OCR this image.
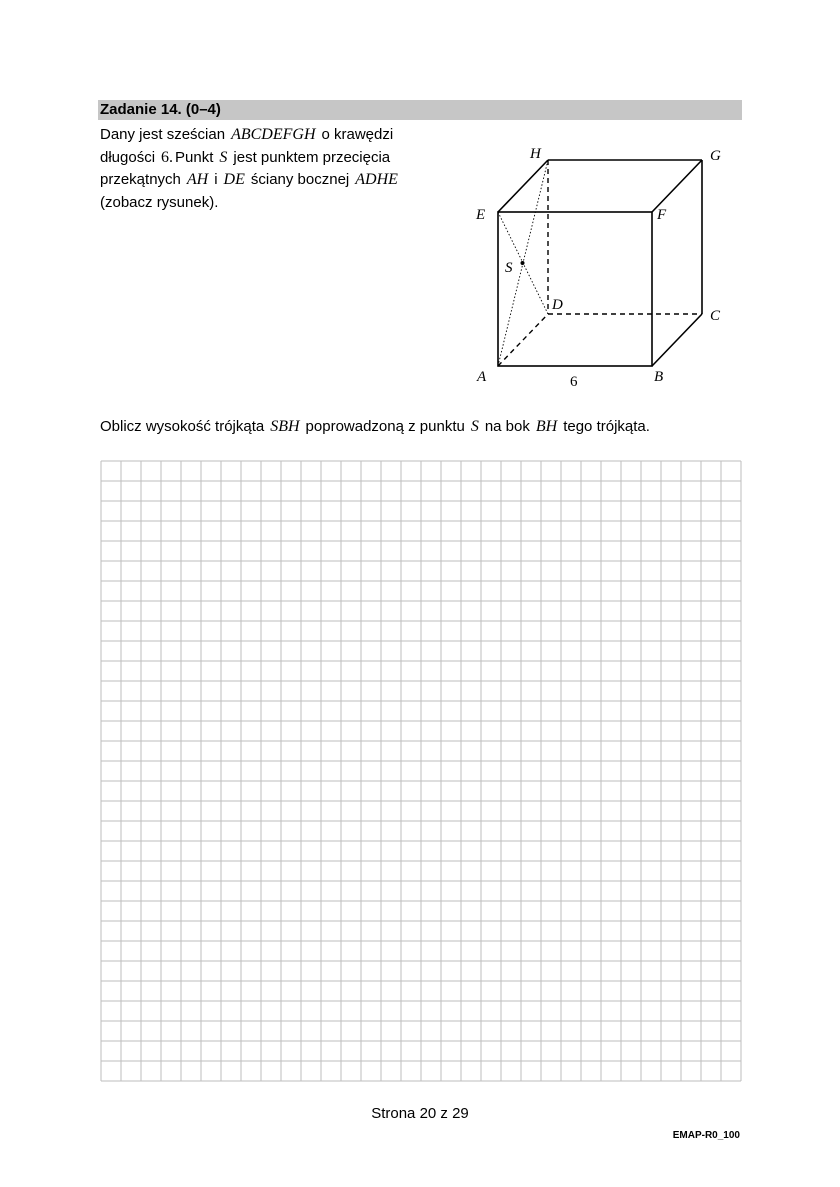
Zadanie 14. (0–4)
Dany jest sześcian ABCDEFGH o krawędzi
długości 6. Punkt S jest punktem przecięcia
przekątnych AH i DE ściany bocznej ADHE
(zobacz rysunek).
A	B
C
D
E	F
G
H
S
6
Oblicz wysokość trójkąta SBH poprowadzoną z punktu S na bok BH tego trójkąta.
Strona 20 z 29
EMAP-R0_100
